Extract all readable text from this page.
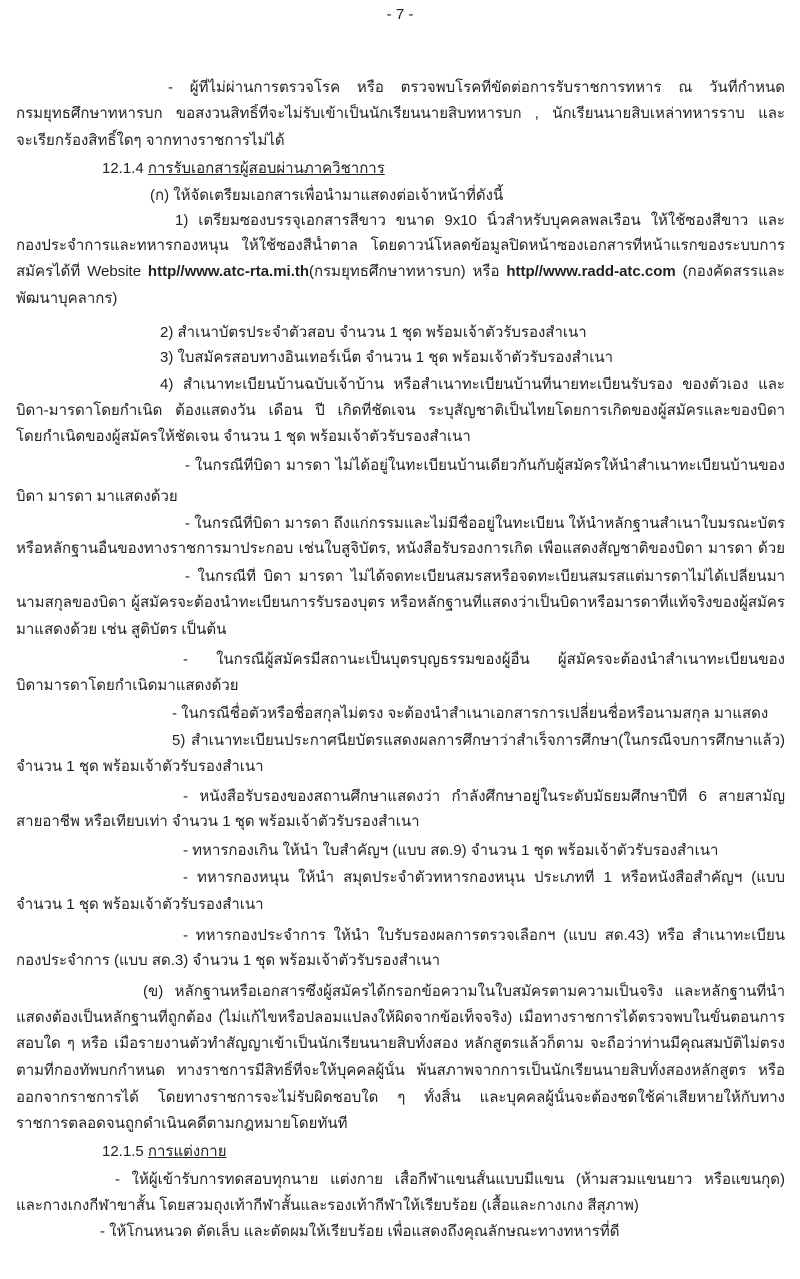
- 7 -
- ผู้ที่ไม่ผ่านการตรวจโรค หรือ ตรวจพบโรคที่ขัดต่อการรับราชการทหาร ณ วันที่กำหนด
กรมยุทธศึกษาทหารบก ขอสงวนสิทธิ์ที่จะไม่รับเข้าเป็นนักเรียนนายสิบทหารบก , นักเรียนนายสิบเหล่าทหารราบ และ
จะเรียกร้องสิทธิ์ใดๆ จากทางราชการไม่ได้
12.1.4 การรับเอกสารผู้สอบผ่านภาควิชาการ
(ก) ให้จัดเตรียมเอกสารเพื่อนำมาแสดงต่อเจ้าหน้าที่ดังนี้
1) เตรียมซองบรรจุเอกสารสีขาว ขนาด 9x10 นิ้วสำหรับบุคคลพลเรือน ให้ใช้ซองสีขาว และ
กองประจำการและทหารกองหนุน ให้ใช้ซองสีน้ำตาล โดยดาวน์โหลดข้อมูลปิดหน้าซองเอกสารที่หน้าแรกของระบบการ
สมัครได้ที่ Website http//www.atc-rta.mi.th(กรมยุทธศึกษาทหารบก) หรือ http//www.radd-atc.com (กองคัดสรรและ
พัฒนาบุคลากร)
2) สำเนาบัตรประจำตัวสอบ จำนวน 1 ชุด พร้อมเจ้าตัวรับรองสำเนา
3) ใบสมัครสอบทางอินเทอร์เน็ต จำนวน 1 ชุด พร้อมเจ้าตัวรับรองสำเนา
4) สำเนาทะเบียนบ้านฉบับเจ้าบ้าน หรือสำเนาทะเบียนบ้านที่นายทะเบียนรับรอง ของตัวเอง และ
บิดา-มารดาโดยกำเนิด ต้องแสดงวัน เดือน ปี เกิดที่ชัดเจน ระบุสัญชาติเป็นไทยโดยการเกิดของผู้สมัครและของบิดา
โดยกำเนิดของผู้สมัครให้ชัดเจน จำนวน 1 ชุด พร้อมเจ้าตัวรับรองสำเนา
- ในกรณีที่บิดา มารดา ไม่ได้อยู่ในทะเบียนบ้านเดียวกันกับผู้สมัครให้นำสำเนาทะเบียนบ้านของ
บิดา มารดา มาแสดงด้วย
- ในกรณีที่บิดา มารดา ถึงแก่กรรมและไม่มีชื่ออยู่ในทะเบียน ให้นำหลักฐานสำเนาใบมรณะบัตร
หรือหลักฐานอื่นของทางราชการมาประกอบ เช่นใบสูจิบัตร, หนังสือรับรองการเกิด เพื่อแสดงสัญชาติของบิดา มารดา ด้วย
- ในกรณีที่ บิดา มารดา ไม่ได้จดทะเบียนสมรสหรือจดทะเบียนสมรสแต่มารดาไม่ได้เปลี่ยนมา
นามสกุลของบิดา ผู้สมัครจะต้องนำทะเบียนการรับรองบุตร หรือหลักฐานที่แสดงว่าเป็นบิดาหรือมารดาที่แท้จริงของผู้สมัคร
มาแสดงด้วย เช่น สูติบัตร เป็นต้น
- ในกรณีผู้สมัครมีสถานะเป็นบุตรบุญธรรมของผู้อื่น ผู้สมัครจะต้องนำสำเนาทะเบียนของ
บิดามารดาโดยกำเนิดมาแสดงด้วย
- ในกรณีชื่อตัวหรือชื่อสกุลไม่ตรง จะต้องนำสำเนาเอกสารการเปลี่ยนชื่อหรือนามสกุล มาแสดง
5) สำเนาทะเบียนประกาศนียบัตรแสดงผลการศึกษาว่าสำเร็จการศึกษา(ในกรณีจบการศึกษาแล้ว)
จำนวน 1 ชุด พร้อมเจ้าตัวรับรองสำเนา
- หนังสือรับรองของสถานศึกษาแสดงว่า กำลังศึกษาอยู่ในระดับมัธยมศึกษาปีที่ 6 สายสามัญ
สายอาชีพ หรือเทียบเท่า จำนวน 1 ชุด พร้อมเจ้าตัวรับรองสำเนา
- ทหารกองเกิน ให้นำ ใบสำคัญฯ (แบบ สด.9) จำนวน 1 ชุด พร้อมเจ้าตัวรับรองสำเนา
- ทหารกองหนุน ให้นำ สมุดประจำตัวทหารกองหนุน ประเภทที่ 1 หรือหนังสือสำคัญฯ (แบบ
จำนวน 1 ชุด พร้อมเจ้าตัวรับรองสำเนา
- ทหารกองประจำการ ให้นำ ใบรับรองผลการตรวจเลือกฯ (แบบ สด.43) หรือ สำเนาทะเบียน
กองประจำการ (แบบ สด.3) จำนวน 1 ชุด พร้อมเจ้าตัวรับรองสำเนา
(ข) หลักฐานหรือเอกสารซึ่งผู้สมัครได้กรอกข้อความในใบสมัครตามความเป็นจริง และหลักฐานที่นำ
แสดงต้องเป็นหลักฐานที่ถูกต้อง (ไม่แก้ไขหรือปลอมแปลงให้ผิดจากข้อเท็จจริง) เมื่อทางราชการได้ตรวจพบในขั้นตอนการ
สอบใด ๆ หรือ เมื่อรายงานตัวทำสัญญาเข้าเป็นนักเรียนนายสิบทั้งสอง หลักสูตรแล้วก็ตาม จะถือว่าท่านมีคุณสมบัติไม่ตรง
ตามที่กองทัพบกกำหนด ทางราชการมีสิทธิ์ที่จะให้บุคคลผู้นั้น พ้นสภาพจากการเป็นนักเรียนนายสิบทั้งสองหลักสูตร หรือ
ออกจากราชการได้ โดยทางราชการจะไม่รับผิดชอบใด ๆ ทั้งสิ้น และบุคคลผู้นั้นจะต้องชดใช้ค่าเสียหายให้กับทาง
ราชการตลอดจนถูกดำเนินคดีตามกฎหมายโดยทันที
12.1.5 การแต่งกาย
- ให้ผู้เข้ารับการทดสอบทุกนาย แต่งกาย เสื้อกีฬาแขนสั้นแบบมีแขน (ห้ามสวมแขนยาว หรือแขนกุด)
และกางเกงกีฬาขาสั้น โดยสวมถุงเท้ากีฬาสั้นและรองเท้ากีฬาให้เรียบร้อย (เสื้อและกางเกง สีสุภาพ)
- ให้โกนหนวด ตัดเล็บ และตัดผมให้เรียบร้อย เพื่อแสดงถึงคุณลักษณะทางทหารที่ดี
